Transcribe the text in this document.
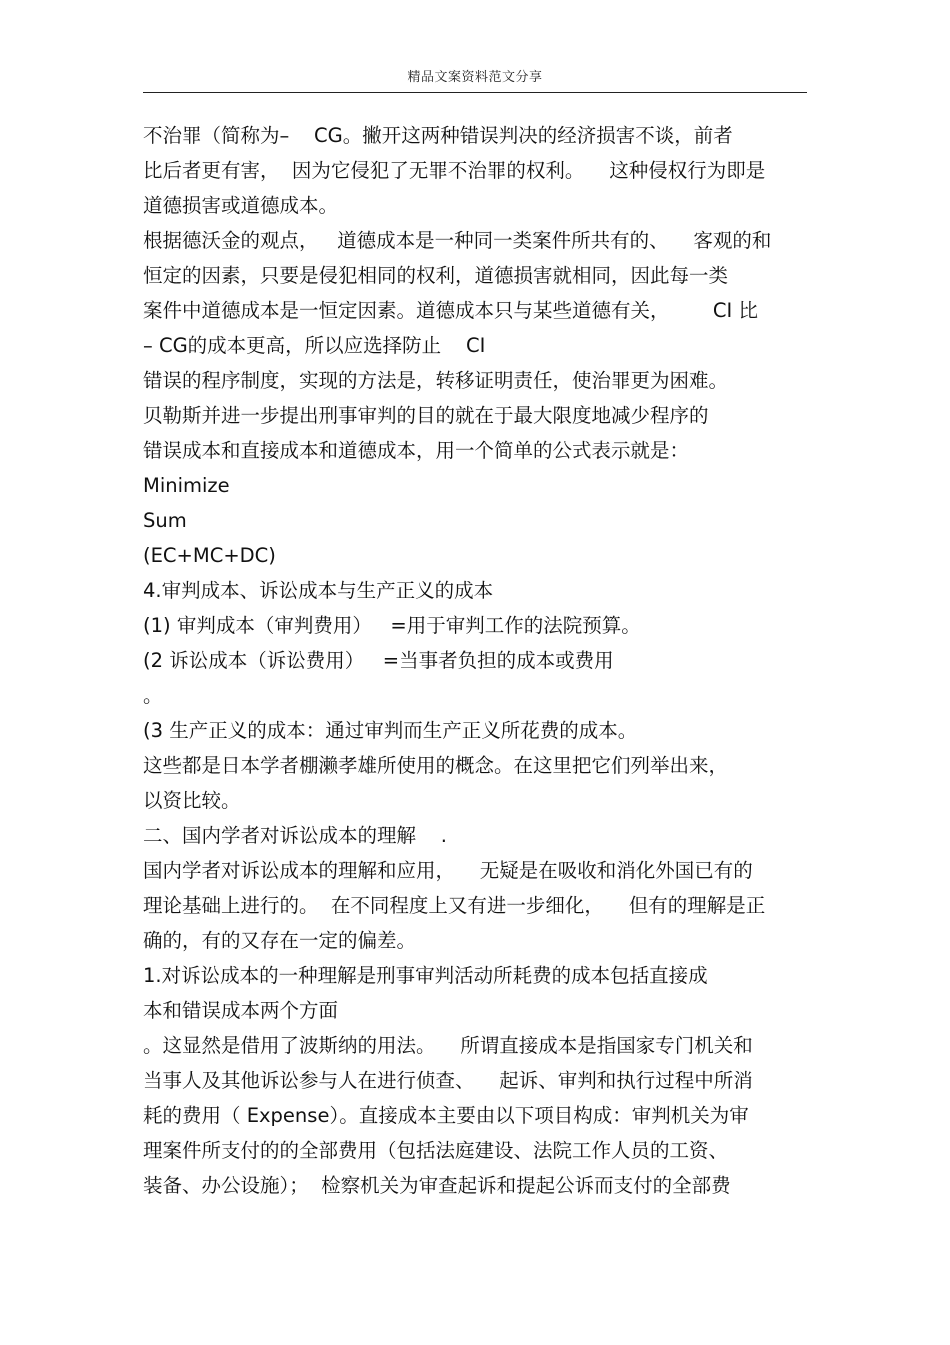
精品文案资料范文分享
不治罪（简称为–    CG。撇开这两种错误判决的经济损害不谈，前者
比后者更有害，  因为它侵犯了无罪不治罪的权利。    这种侵权行为即是
道德损害或道德成本。
根据德沃金的观点，   道德成本是一种同一类案件所共有的、    客观的和
恒定的因素，只要是侵犯相同的权利，道德损害就相同，因此每一类
案件中道德成本是一恒定因素。道德成本只与某些道德有关，       CI 比
– CG的成本更高，所以应选择防止    CI
错误的程序制度，实现的方法是，转移证明责任，使治罪更为困难。
贝勒斯并进一步提出刑事审判的目的就在于最大限度地减少程序的
错误成本和直接成本和道德成本，用一个简单的公式表示就是：
Minimize
Sum
(EC+MC+DC)
4.审判成本、诉讼成本与生产正义的成本
(1) 审判成本（审判费用）   =用于审判工作的法院预算。
(2 诉讼成本（诉讼费用）   =当事者负担的成本或费用
。
(3 生产正义的成本：通过审判而生产正义所花费的成本。
这些都是日本学者棚濑孝雄所使用的概念。在这里把它们列举出来，
以资比较。
二、国内学者对诉讼成本的理解    .
国内学者对诉讼成本的理解和应用，    无疑是在吸收和消化外国已有的
理论基础上进行的。  在不同程度上又有进一步细化，    但有的理解是正
确的，有的又存在一定的偏差。
1.对诉讼成本的一种理解是刑事审判活动所耗费的成本包括直接成
本和错误成本两个方面
。这显然是借用了波斯纳的用法。    所谓直接成本是指国家专门机关和
当事人及其他诉讼参与人在进行侦查、    起诉、审判和执行过程中所消
耗的费用（ Expense）。直接成本主要由以下项目构成：审判机关为审
理案件所支付的的全部费用（包括法庭建设、法院工作人员的工资、
装备、办公设施）；  检察机关为审查起诉和提起公诉而支付的全部费
